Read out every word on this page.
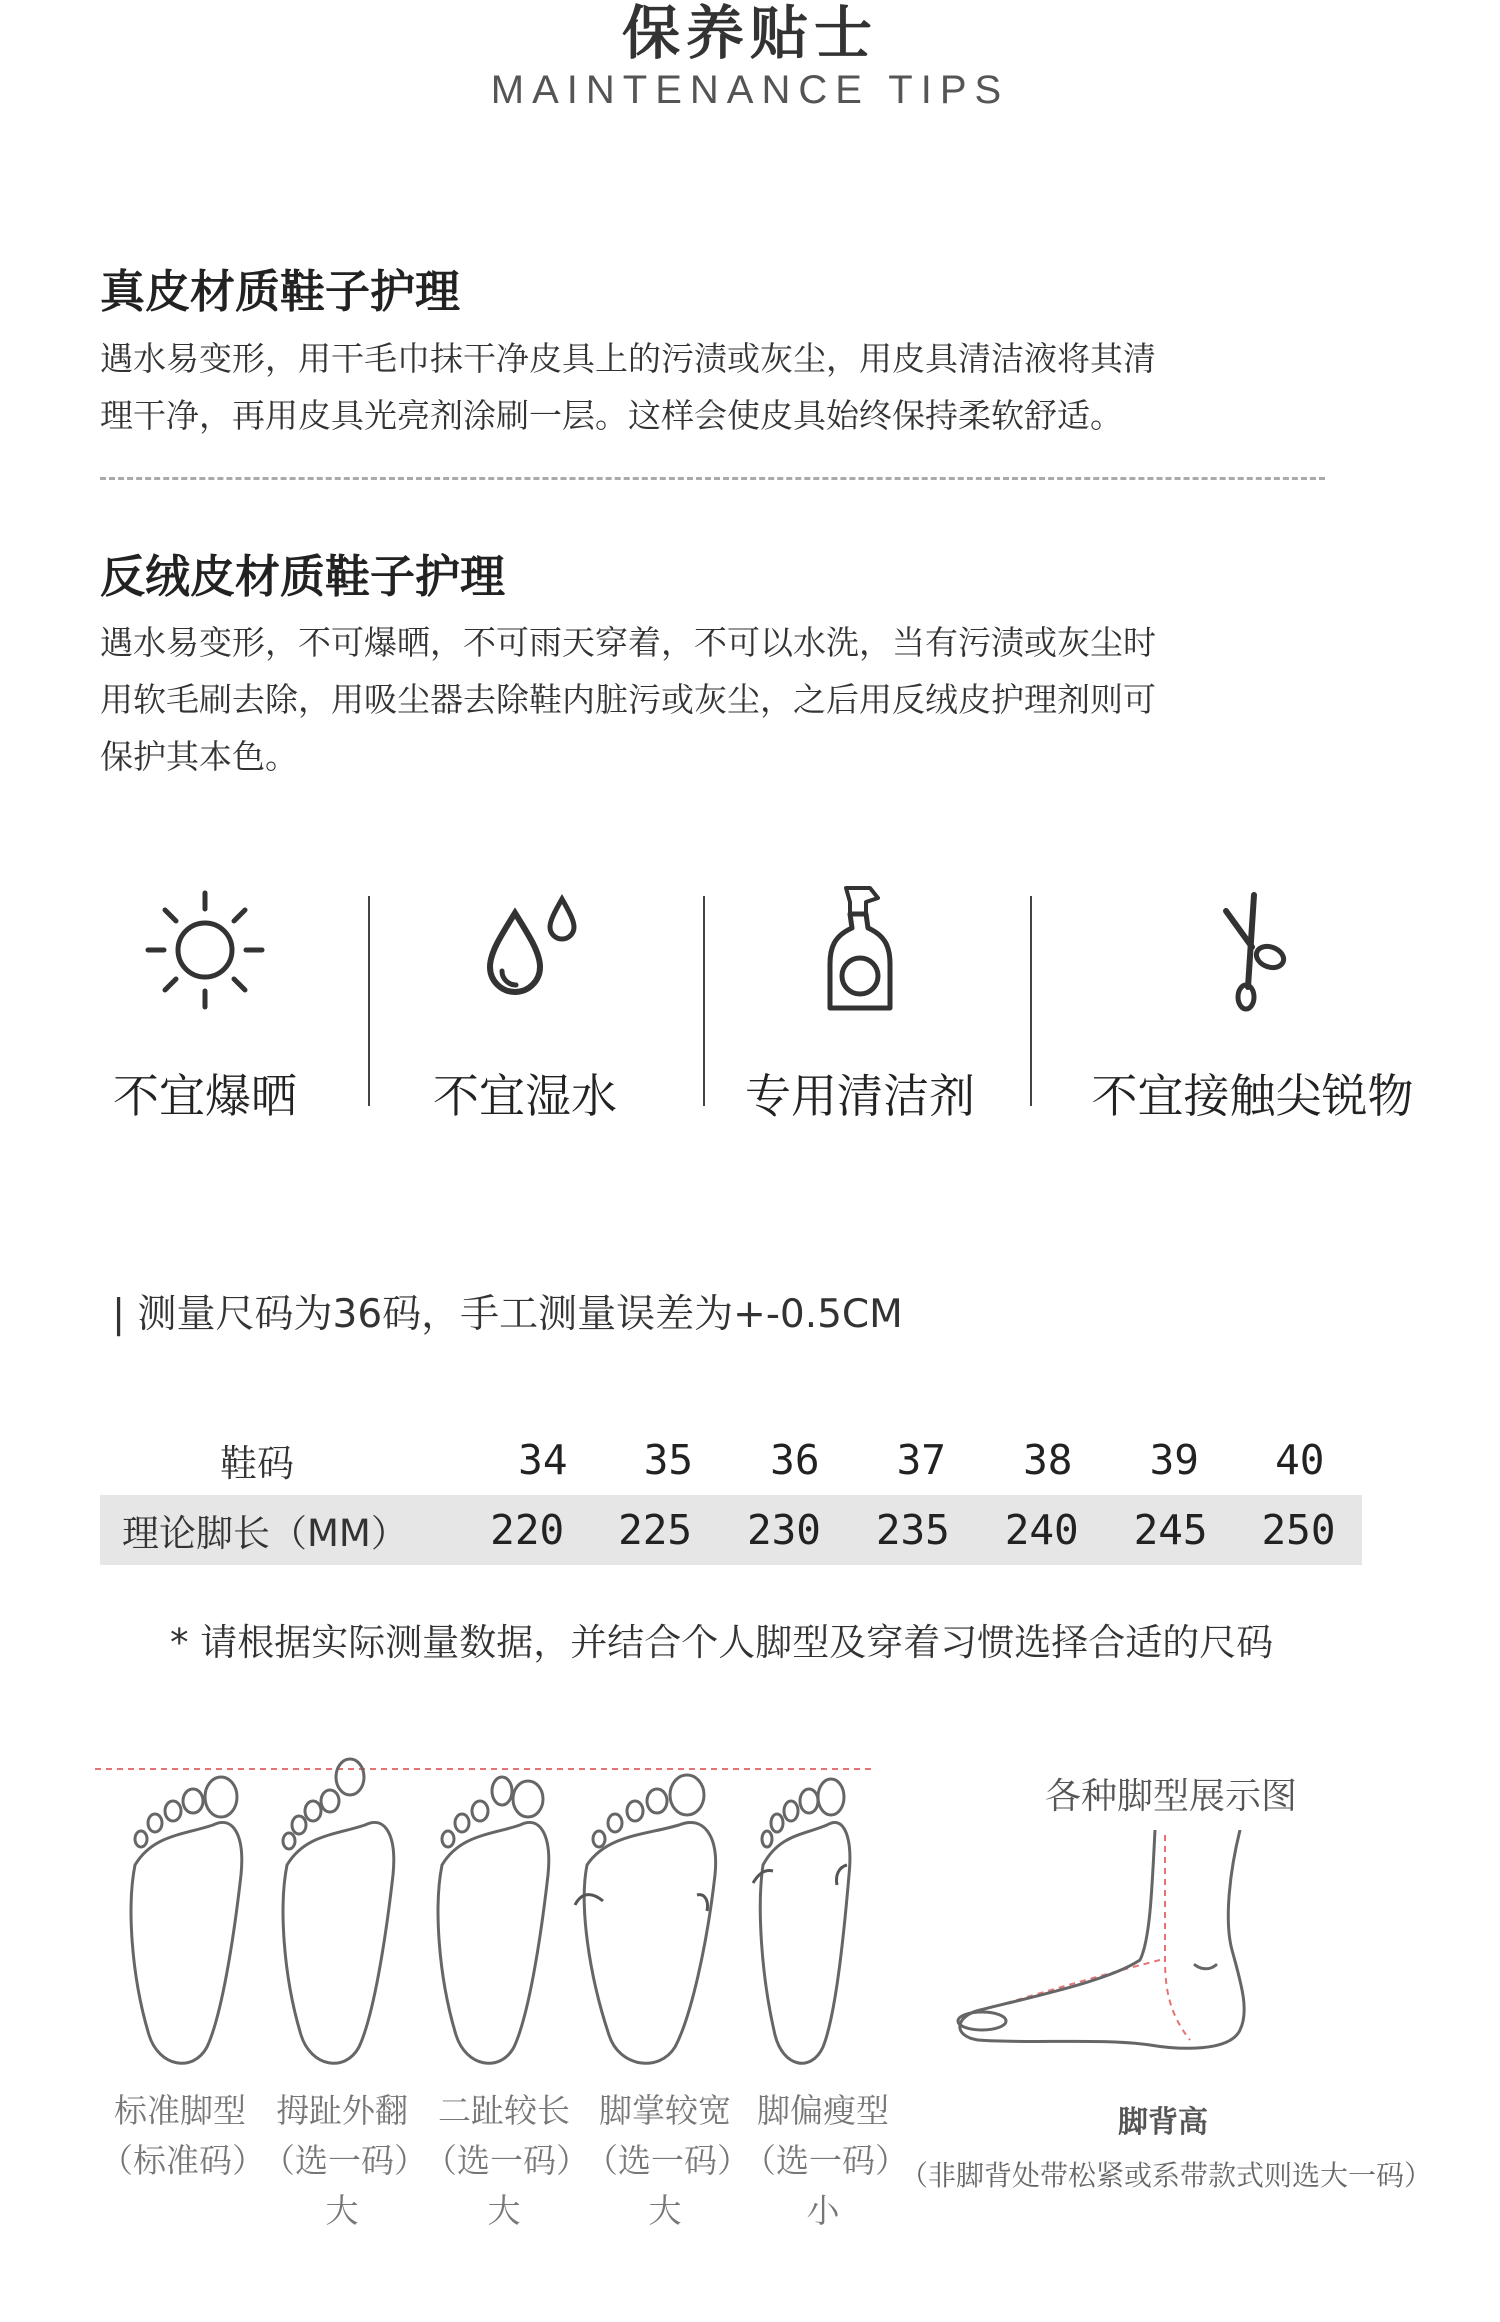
保养贴士
MAINTENANCE TIPS
真皮材质鞋子护理
遇水易变形，用干毛巾抹干净皮具上的污渍或灰尘，用皮具清洁液将其清
理干净，再用皮具光亮剂涂刷一层。这样会使皮具始终保持柔软舒适。
反绒皮材质鞋子护理
遇水易变形，不可爆晒，不可雨天穿着，不可以水洗，当有污渍或灰尘时
用软毛刷去除，用吸尘器去除鞋内脏污或灰尘，之后用反绒皮护理剂则可
保护其本色。
不宜爆晒	不宜湿水	专用清洁剂	不宜接触尖锐物
| 测量尺码为36码，手工测量误差为+-0.5CM
鞋码	34	35	36	37	38	39	40
理论脚长（MM）	220	225	230	235	240	245	250
* 请根据实际测量数据，并结合个人脚型及穿着习惯选择合适的尺码
标准脚型
（标准码）
拇趾外翻
（选一码）
大
二趾较长
（选一码）
大
脚掌较宽
（选一码）
大
脚偏瘦型
（选一码）
小
各种脚型展示图
脚背高
（非脚背处带松紧或系带款式则选大一码）
